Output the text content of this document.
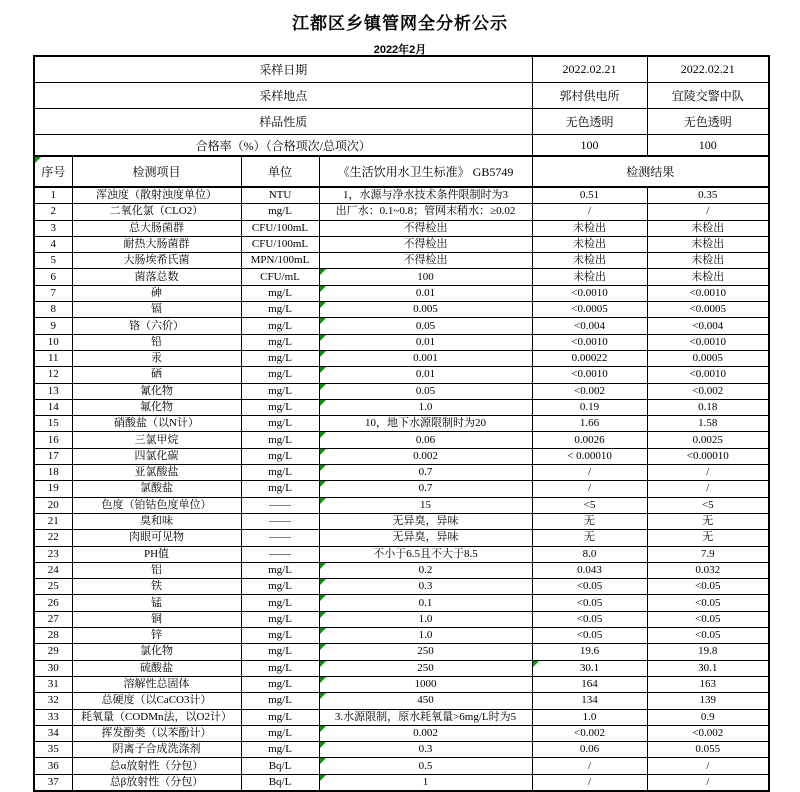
江都区乡镇管网全分析公示
2022年2月
采样日期				2022.02.21	2022.02.21
采样地点				郭村供电所	宜陵交警中队
样品性质				无色透明	无色透明
合格率（%）（合格项次/总项次）				100	100
序号	检测项目	单位	《生活饮用水卫生标准》 GB5749	检测结果	
1	浑浊度（散射浊度单位）	NTU	1，水源与净水技术条件限制时为3	0.51	0.35
2	二氧化氯（CLO2）	mg/L	出厂水：0.1~0.8；管网末稍水：≥0.02	/	/
3	总大肠菌群	CFU/100mL	不得检出	未检出	未检出
4	耐热大肠菌群	CFU/100mL	不得检出	未检出	未检出
5	大肠埃希氏菌	MPN/100mL	不得检出	未检出	未检出
6	菌落总数	CFU/mL	100	未检出	未检出
7	砷	mg/L	0.01	<0.0010	<0.0010
8	镉	mg/L	0.005	<0.0005	<0.0005
9	铬（六价）	mg/L	0.05	<0.004	<0.004
10	铅	mg/L	0.01	<0.0010	<0.0010
11	汞	mg/L	0.001	0.00022	0.0005
12	硒	mg/L	0.01	<0.0010	<0.0010
13	氰化物	mg/L	0.05	<0.002	<0.002
14	氟化物	mg/L	1.0	0.19	0.18
15	硝酸盐（以N计）	mg/L	10，地下水源限制时为20	1.66	1.58
16	三氯甲烷	mg/L	0.06	0.0026	0.0025
17	四氯化碳	mg/L	0.002	< 0.00010	<0.00010
18	亚氯酸盐	mg/L	0.7	/	/
19	氯酸盐	mg/L	0.7	/	/
20	色度（铂钴色度单位）	——	15	<5	<5
21	臭和味	——	无异臭，异味	无	无
22	肉眼可见物	——	无异臭，异味	无	无
23	PH值	——	不小于6.5且不大于8.5	8.0	7.9
24	铝	mg/L	0.2	0.043	0.032
25	铁	mg/L	0.3	<0.05	<0.05
26	锰	mg/L	0.1	<0.05	<0.05
27	铜	mg/L	1.0	<0.05	<0.05
28	锌	mg/L	1.0	<0.05	<0.05
29	氯化物	mg/L	250	19.6	19.8
30	硫酸盐	mg/L	250	30.1	30.1
31	溶解性总固体	mg/L	1000	164	163
32	总硬度（以CaCO3计）	mg/L	450	134	139
33	耗氧量（CODMn法，以O2计）	mg/L	3.水源限制，原水耗氧量>6mg/L时为5	1.0	0.9
34	挥发酚类（以苯酚计）	mg/L	0.002	<0.002	<0.002
35	阴离子合成洗涤剂	mg/L	0.3	0.06	0.055
36	总α放射性（分包）	Bq/L	0.5	/	/
37	总β放射性（分包）	Bq/L	1	/	/
